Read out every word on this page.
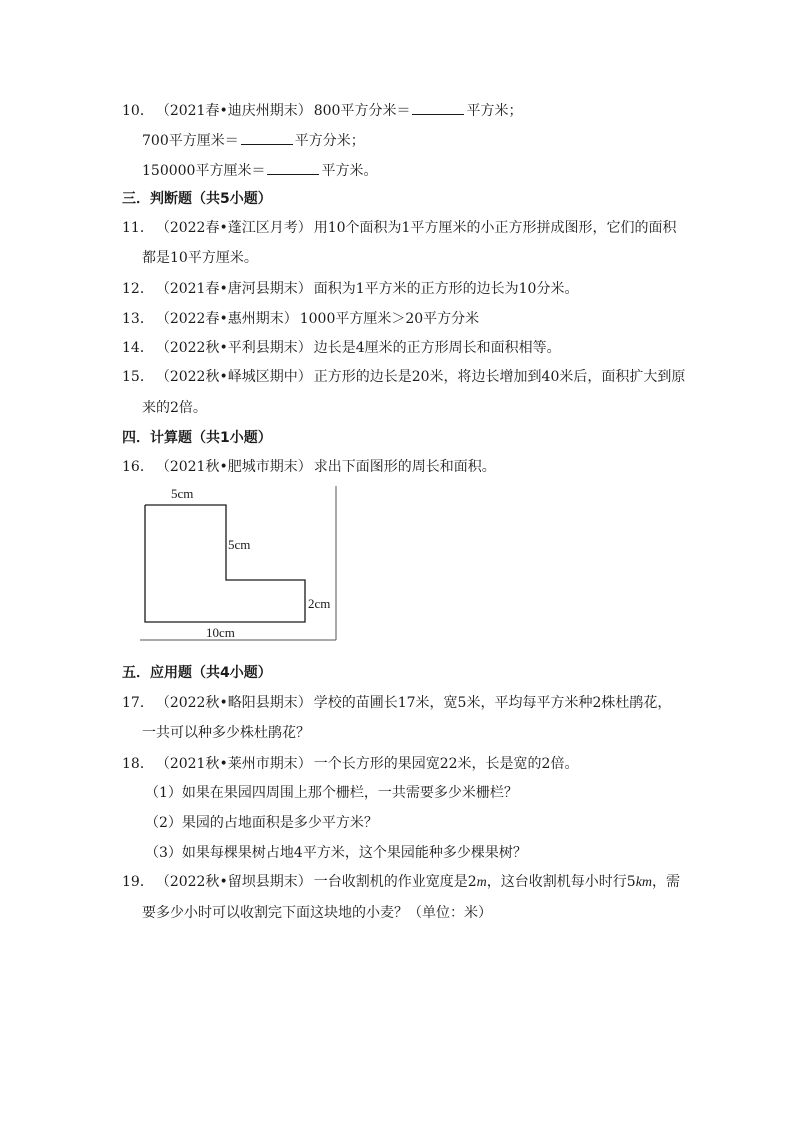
10． （2021春•迪庆州期末） 800平方分米＝	平方米；
700平方厘米＝	平方分米；
150000平方厘米＝	平方米。
三．判断题（共5小题）
11． （2022春•蓬江区月考） 用10个面积为1平方厘米的小正方形拼成图形，它们的面积
都是10平方厘米。
12． （2021春•唐河县期末） 面积为1平方米的正方形的边长为10分米。
13． （2022春•惠州期末） 1000平方厘米＞20平方分米
14． （2022秋•平利县期末） 边长是4厘米的正方形周长和面积相等。
15． （2022秋•峄城区期中） 正方形的边长是20米，将边长增加到40米后，面积扩大到原
来的2倍。
四．计算题（共1小题）
16． （2021秋•肥城市期末） 求出下面图形的周长和面积。
5cm
5cm
2cm
10cm
五．应用题（共4小题）
17． （2022秋•略阳县期末） 学校的苗圃长17米，宽5米，平均每平方米种2株杜鹃花，
一共可以种多少株杜鹃花？
18． （2021秋•莱州市期末） 一个长方形的果园宽22米，长是宽的2倍。
（1）如果在果园四周围上那个栅栏，一共需要多少米栅栏？
（2）果园的占地面积是多少平方米？
（3）如果每棵果树占地4平方米，这个果园能种多少棵果树？
19． （2022秋•留坝县期末） 一台收割机的作业宽度是2m，这台收割机每小时行5km，需
要多少小时可以收割完下面这块地的小麦？（单位：米）
